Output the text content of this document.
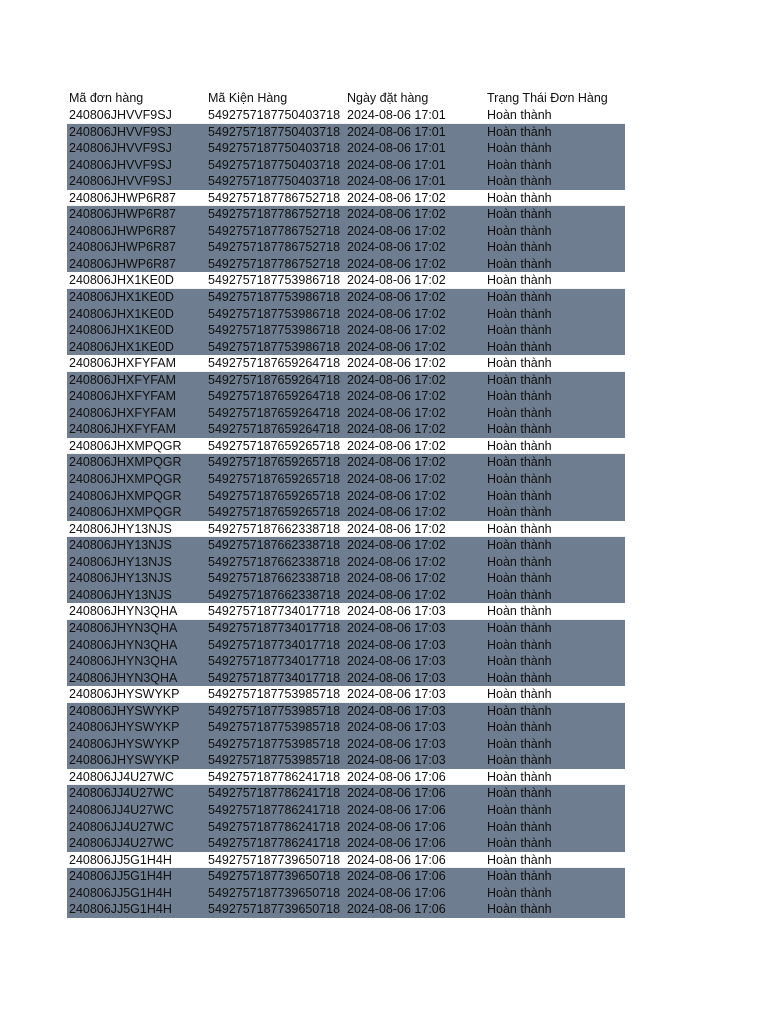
Mã đơn hàng	Mã Kiện Hàng	Ngày đặt hàng	Trạng Thái Đơn Hàng
240806JHVVF9SJ	5492757187750403718 2024-08-06 17:01	Hoàn thành
240806JHVVF9SJ	5492757187750403718 2024-08-06 17:01	Hoàn thành
240806JHVVF9SJ	5492757187750403718 2024-08-06 17:01	Hoàn thành
240806JHVVF9SJ	5492757187750403718 2024-08-06 17:01	Hoàn thành
240806JHVVF9SJ	5492757187750403718 2024-08-06 17:01	Hoàn thành
240806JHWP6R87	5492757187786752718 2024-08-06 17:02	Hoàn thành
240806JHWP6R87	5492757187786752718 2024-08-06 17:02	Hoàn thành
240806JHWP6R87	5492757187786752718 2024-08-06 17:02	Hoàn thành
240806JHWP6R87	5492757187786752718 2024-08-06 17:02	Hoàn thành
240806JHWP6R87	5492757187786752718 2024-08-06 17:02	Hoàn thành
240806JHX1KE0D	5492757187753986718 2024-08-06 17:02	Hoàn thành
240806JHX1KE0D	5492757187753986718 2024-08-06 17:02	Hoàn thành
240806JHX1KE0D	5492757187753986718 2024-08-06 17:02	Hoàn thành
240806JHX1KE0D	5492757187753986718 2024-08-06 17:02	Hoàn thành
240806JHX1KE0D	5492757187753986718 2024-08-06 17:02	Hoàn thành
240806JHXFYFAM	5492757187659264718 2024-08-06 17:02	Hoàn thành
240806JHXFYFAM	5492757187659264718 2024-08-06 17:02	Hoàn thành
240806JHXFYFAM	5492757187659264718 2024-08-06 17:02	Hoàn thành
240806JHXFYFAM	5492757187659264718 2024-08-06 17:02	Hoàn thành
240806JHXFYFAM	5492757187659264718 2024-08-06 17:02	Hoàn thành
240806JHXMPQGR	5492757187659265718 2024-08-06 17:02	Hoàn thành
240806JHXMPQGR	5492757187659265718 2024-08-06 17:02	Hoàn thành
240806JHXMPQGR	5492757187659265718 2024-08-06 17:02	Hoàn thành
240806JHXMPQGR	5492757187659265718 2024-08-06 17:02	Hoàn thành
240806JHXMPQGR	5492757187659265718 2024-08-06 17:02	Hoàn thành
240806JHY13NJS	5492757187662338718 2024-08-06 17:02	Hoàn thành
240806JHY13NJS	5492757187662338718 2024-08-06 17:02	Hoàn thành
240806JHY13NJS	5492757187662338718 2024-08-06 17:02	Hoàn thành
240806JHY13NJS	5492757187662338718 2024-08-06 17:02	Hoàn thành
240806JHY13NJS	5492757187662338718 2024-08-06 17:02	Hoàn thành
240806JHYN3QHA	5492757187734017718 2024-08-06 17:03	Hoàn thành
240806JHYN3QHA	5492757187734017718 2024-08-06 17:03	Hoàn thành
240806JHYN3QHA	5492757187734017718 2024-08-06 17:03	Hoàn thành
240806JHYN3QHA	5492757187734017718 2024-08-06 17:03	Hoàn thành
240806JHYN3QHA	5492757187734017718 2024-08-06 17:03	Hoàn thành
240806JHYSWYKP	5492757187753985718 2024-08-06 17:03	Hoàn thành
240806JHYSWYKP	5492757187753985718 2024-08-06 17:03	Hoàn thành
240806JHYSWYKP	5492757187753985718 2024-08-06 17:03	Hoàn thành
240806JHYSWYKP	5492757187753985718 2024-08-06 17:03	Hoàn thành
240806JHYSWYKP	5492757187753985718 2024-08-06 17:03	Hoàn thành
240806JJ4U27WC	5492757187786241718 2024-08-06 17:06	Hoàn thành
240806JJ4U27WC	5492757187786241718 2024-08-06 17:06	Hoàn thành
240806JJ4U27WC	5492757187786241718 2024-08-06 17:06	Hoàn thành
240806JJ4U27WC	5492757187786241718 2024-08-06 17:06	Hoàn thành
240806JJ4U27WC	5492757187786241718 2024-08-06 17:06	Hoàn thành
240806JJ5G1H4H	5492757187739650718 2024-08-06 17:06	Hoàn thành
240806JJ5G1H4H	5492757187739650718 2024-08-06 17:06	Hoàn thành
240806JJ5G1H4H	5492757187739650718 2024-08-06 17:06	Hoàn thành
240806JJ5G1H4H	5492757187739650718 2024-08-06 17:06	Hoàn thành
